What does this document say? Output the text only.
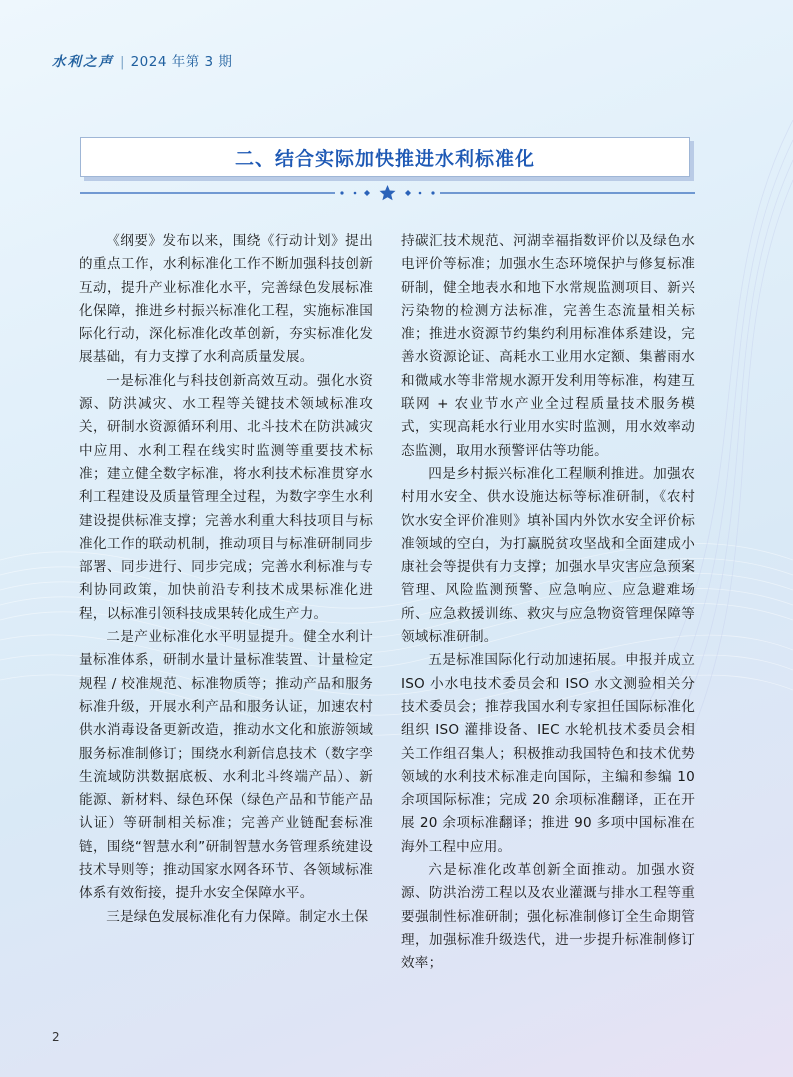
水利之声 | 2024 年第 3 期
二、结合实际加快推进水利标准化

《纲要》发布以来，围绕《行动计划》提出的重点工作，水利标准化工作不断加强科技创新互动，提升产业标准化水平，完善绿色发展标准化保障，推进乡村振兴标准化工程，实施标准国际化行动，深化标准化改革创新，夯实标准化发展基础，有力支撑了水利高质量发展。

一是标准化与科技创新高效互动。强化水资源、防洪减灾、水工程等关键技术领域标准攻关，研制水资源循环利用、北斗技术在防洪减灾中应用、水利工程在线实时监测等重要技术标准；建立健全数字标准，将水利技术标准贯穿水利工程建设及质量管理全过程，为数字孪生水利建设提供标准支撑；完善水利重大科技项目与标准化工作的联动机制，推动项目与标准研制同步部署、同步进行、同步完成；完善水利标准与专利协同政策，加快前沿专利技术成果标准化进程，以标准引领科技成果转化成生产力。

二是产业标准化水平明显提升。健全水利计量标准体系，研制水量计量标准装置、计量检定规程 / 校准规范、标准物质等；推动产品和服务标准升级，开展水利产品和服务认证，加速农村供水消毒设备更新改造，推动水文化和旅游领域服务标准制修订；围绕水利新信息技术（数字孪生流域防洪数据底板、水利北斗终端产品）、新能源、新材料、绿色环保（绿色产品和节能产品认证）等研制相关标准；完善产业链配套标准链，围绕“智慧水利”研制智慧水务管理系统建设技术导则等；推动国家水网各环节、各领域标准体系有效衔接，提升水安全保障水平。

三是绿色发展标准化有力保障。制定水土保

持碳汇技术规范、河湖幸福指数评价以及绿色水电评价等标准；加强水生态环境保护与修复标准研制，健全地表水和地下水常规监测项目、新兴污染物的检测方法标准，完善生态流量相关标准；推进水资源节约集约利用标准体系建设，完善水资源论证、高耗水工业用水定额、集蓄雨水和微咸水等非常规水源开发利用等标准，构建互联网 + 农业节水产业全过程质量技术服务模式，实现高耗水行业用水实时监测，用水效率动态监测，取用水预警评估等功能。

四是乡村振兴标准化工程顺利推进。加强农村用水安全、供水设施达标等标准研制，《农村饮水安全评价准则》填补国内外饮水安全评价标准领域的空白，为打赢脱贫攻坚战和全面建成小康社会等提供有力支撑；加强水旱灾害应急预案管理、风险监测预警、应急响应、应急避难场所、应急救援训练、救灾与应急物资管理保障等领域标准研制。

五是标准国际化行动加速拓展。申报并成立 ISO 小水电技术委员会和 ISO 水文测验相关分技术委员会；推荐我国水利专家担任国际标准化组织 ISO 灌排设备、IEC 水轮机技术委员会相关工作组召集人；积极推动我国特色和技术优势领域的水利技术标准走向国际，主编和参编 10 余项国际标准；完成 20 余项标准翻译，正在开展 20 余项标准翻译；推进 90 多项中国标准在海外工程中应用。

六是标准化改革创新全面推动。加强水资源、防洪治涝工程以及农业灌溉与排水工程等重要强制性标准研制；强化标准制修订全生命期管理，加强标准升级迭代，进一步提升标准制修订效率；

2
